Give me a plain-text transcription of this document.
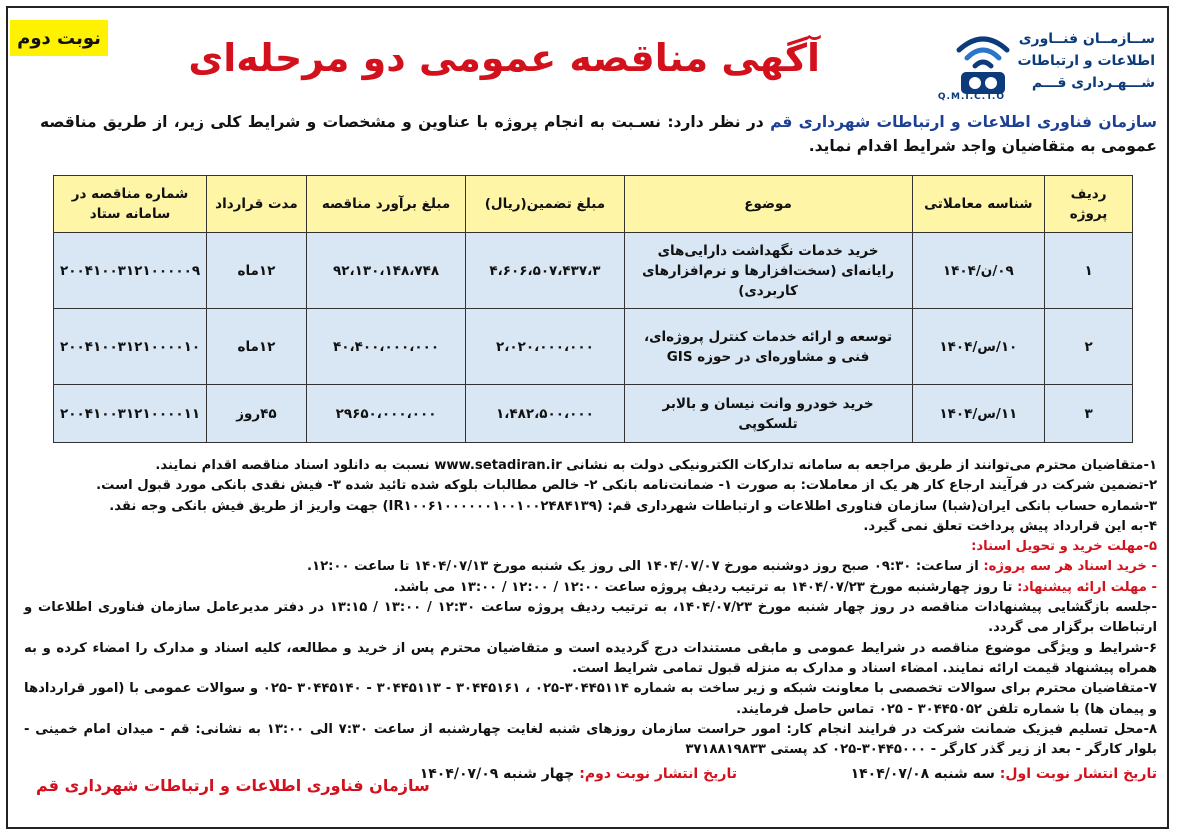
نوبت دوم آگهی مناقصه عمومی دو مرحله‌ای	ســازمــان فنــاوری
اطلاعات و ارتباطات
شـــهـرداری قـــم
Q.M.I.C.T.O
سازمان فناوری اطلاعات و ارتباطات شهرداری قم در نظر دارد: نسـبت به انجام پروژه با عناوین و مشخصات و شرایط کلی زیر، از طریق مناقصه عمومی به متقاضیان واجد شرایط اقدام نماید.
ردیف پروژه	شناسه معاملاتی	موضوع	مبلغ تضمین(ریال)	مبلغ برآورد مناقصه	مدت قرارداد	شماره مناقصه در سامانه ستاد
۱	۰۹/ن/۱۴۰۴	خرید خدمات نگهداشت دارایی‌های رایانه‌ای (سخت‌افزارها و نرم‌افزارهای کاربردی)	۴،۶۰۶،۵۰۷،۴۳۷،۳	۹۲،۱۳۰،۱۴۸،۷۴۸	۱۲ماه	۲۰۰۴۱۰۰۳۱۲۱۰۰۰۰۰۹
۲	۱۰/س/۱۴۰۴	توسعه و ارائه خدمات کنترل پروژه‌ای، فنی و مشاوره‌ای در حوزه GIS	۲،۰۲۰،۰۰۰،۰۰۰	۴۰،۴۰۰،۰۰۰،۰۰۰	۱۲ماه	۲۰۰۴۱۰۰۳۱۲۱۰۰۰۰۱۰
۳	۱۱/س/۱۴۰۴	خرید خودرو وانت نیسان و بالابر تلسکوپی	۱،۴۸۲،۵۰۰،۰۰۰	۲۹۶۵۰،۰۰۰،۰۰۰	۴۵روز	۲۰۰۴۱۰۰۳۱۲۱۰۰۰۰۱۱

۱-متقاضیان محترم می‌توانند از طریق مراجعه به سامانه تدارکات الکترونیکی دولت به نشانی www.setadiran.ir نسبت به دانلود اسناد مناقصه اقدام نمایند.

۲-تضمین شرکت در فرآیند ارجاع کار هر یک از معاملات: به صورت ۱- ضمانت‌نامه بانکی ۲- خالص مطالبات بلوکه شده تائید شده ۳- فیش نقدی بانکی مورد قبول است.

۳-شماره حساب بانکی ایران(شبا) سازمان فناوری اطلاعات و ارتباطات شهرداری قم: (IR۱۰۰۶۱۰۰۰۰۰۰۱۰۰۱۰۰۲۴۸۴۱۳۹) جهت واریز از طریق فیش بانکی وجه نقد.

۴-به این قرارداد پیش پرداخت تعلق نمی گیرد.

۵-مهلت خرید و تحویل اسناد:

- خرید اسناد هر سه پروژه: از ساعت: ۰۹:۳۰ صبح روز دوشنبه مورخ ۱۴۰۴/۰۷/۰۷ الی روز یک شنبه مورخ ۱۴۰۴/۰۷/۱۳ تا ساعت ۱۲:۰۰.

- مهلت ارائه پیشنهاد: تا روز چهارشنبه مورخ ۱۴۰۴/۰۷/۲۳ به ترتیب ردیف پروژه ساعت ۱۲:۰۰ / ۱۲:۰۰ / ۱۳:۰۰ می باشد.

-جلسه بازگشایی پیشنهادات مناقصه در روز چهار شنبه مورخ ۱۴۰۴/۰۷/۲۳، به ترتیب ردیف پروژه ساعت ۱۲:۳۰ / ۱۳:۰۰ / ۱۳:۱۵ در دفتر مدیرعامل سازمان فناوری اطلاعات و ارتباطات برگزار می گردد.

۶-شرایط و ویژگی موضوع مناقصه در شرایط عمومی و مابقی مستندات درج گردیده است و متقاضیان محترم پس از خرید و مطالعه، کلیه اسناد و مدارک را امضاء کرده و به همراه پیشنهاد قیمت ارائه نمایند. امضاء اسناد و مدارک به منزله قبول تمامی شرایط است.

۷-متقاضیان محترم برای سوالات تخصصی با معاونت شبکه و زیر ساخت به شماره ۳۰۴۴۵۱۱۴-۰۲۵ ، ۳۰۴۴۵۱۶۱ - ۳۰۴۴۵۱۱۳ - ۳۰۴۴۵۱۴۰ -۰۲۵ و سوالات عمومی با (امور قراردادها و پیمان ها) با شماره تلفن ۳۰۴۴۵۰۵۲ - ۰۲۵ تماس حاصل فرمایند.

۸-محل تسلیم فیزیک ضمانت شرکت در فرایند انجام کار: امور حراست سازمان روزهای شنبه لغایت چهارشنبه از ساعت ۷:۳۰ الی ۱۳:۰۰ به نشانی: قم - میدان امام خمینی - بلوار کارگر - بعد از زیر گذر کارگر - ۳۰۴۴۵۰۰۰-۰۲۵ کد پستی ۳۷۱۸۸۱۹۸۳۳

تاریخ انتشار نوبت اول: سه شنبه ۱۴۰۴/۰۷/۰۸
تاریخ انتشار نوبت دوم: چهار شنبه ۱۴۰۴/۰۷/۰۹
سازمان فناوری اطلاعات و ارتباطات شهرداری قم
